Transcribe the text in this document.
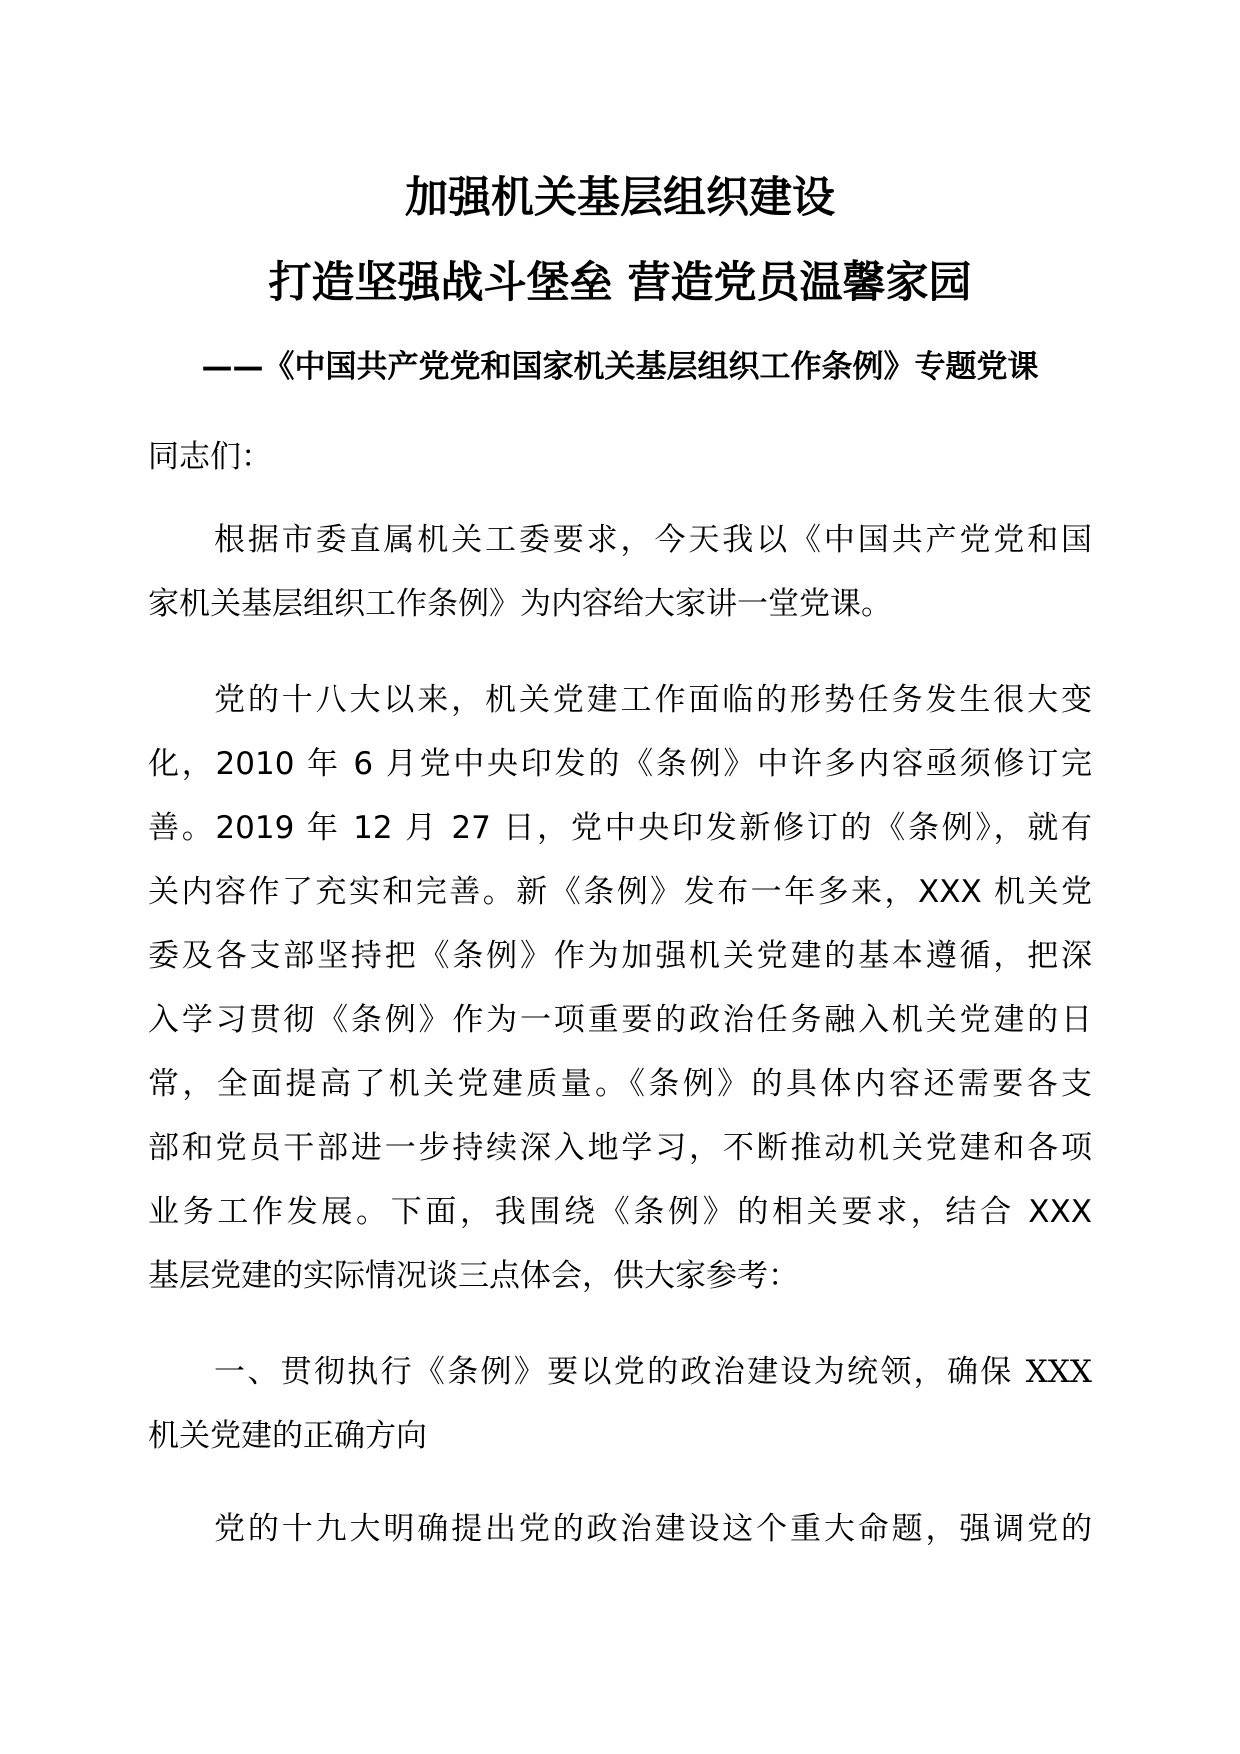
加强机关基层组织建设
打造坚强战斗堡垒 营造党员温馨家园
——《中国共产党党和国家机关基层组织工作条例》专题党课
同志们：
根据市委直属机关工委要求，今天我以《中国共产党党和国
家机关基层组织工作条例》为内容给大家讲一堂党课。
党的十八大以来，机关党建工作面临的形势任务发生很大变
化，2010 年 6 月党中央印发的《条例》中许多内容亟须修订完
善。2019 年 12 月 27 日，党中央印发新修订的《条例》，就有
关内容作了充实和完善。新《条例》发布一年多来，XXX 机关党
委及各支部坚持把《条例》作为加强机关党建的基本遵循，把深
入学习贯彻《条例》作为一项重要的政治任务融入机关党建的日
常，全面提高了机关党建质量。《条例》的具体内容还需要各支
部和党员干部进一步持续深入地学习，不断推动机关党建和各项
业务工作发展。下面，我围绕《条例》的相关要求，结合 XXX
基层党建的实际情况谈三点体会，供大家参考：
一、贯彻执行《条例》要以党的政治建设为统领，确保 XXX
机关党建的正确方向
党的十九大明确提出党的政治建设这个重大命题，强调党的
